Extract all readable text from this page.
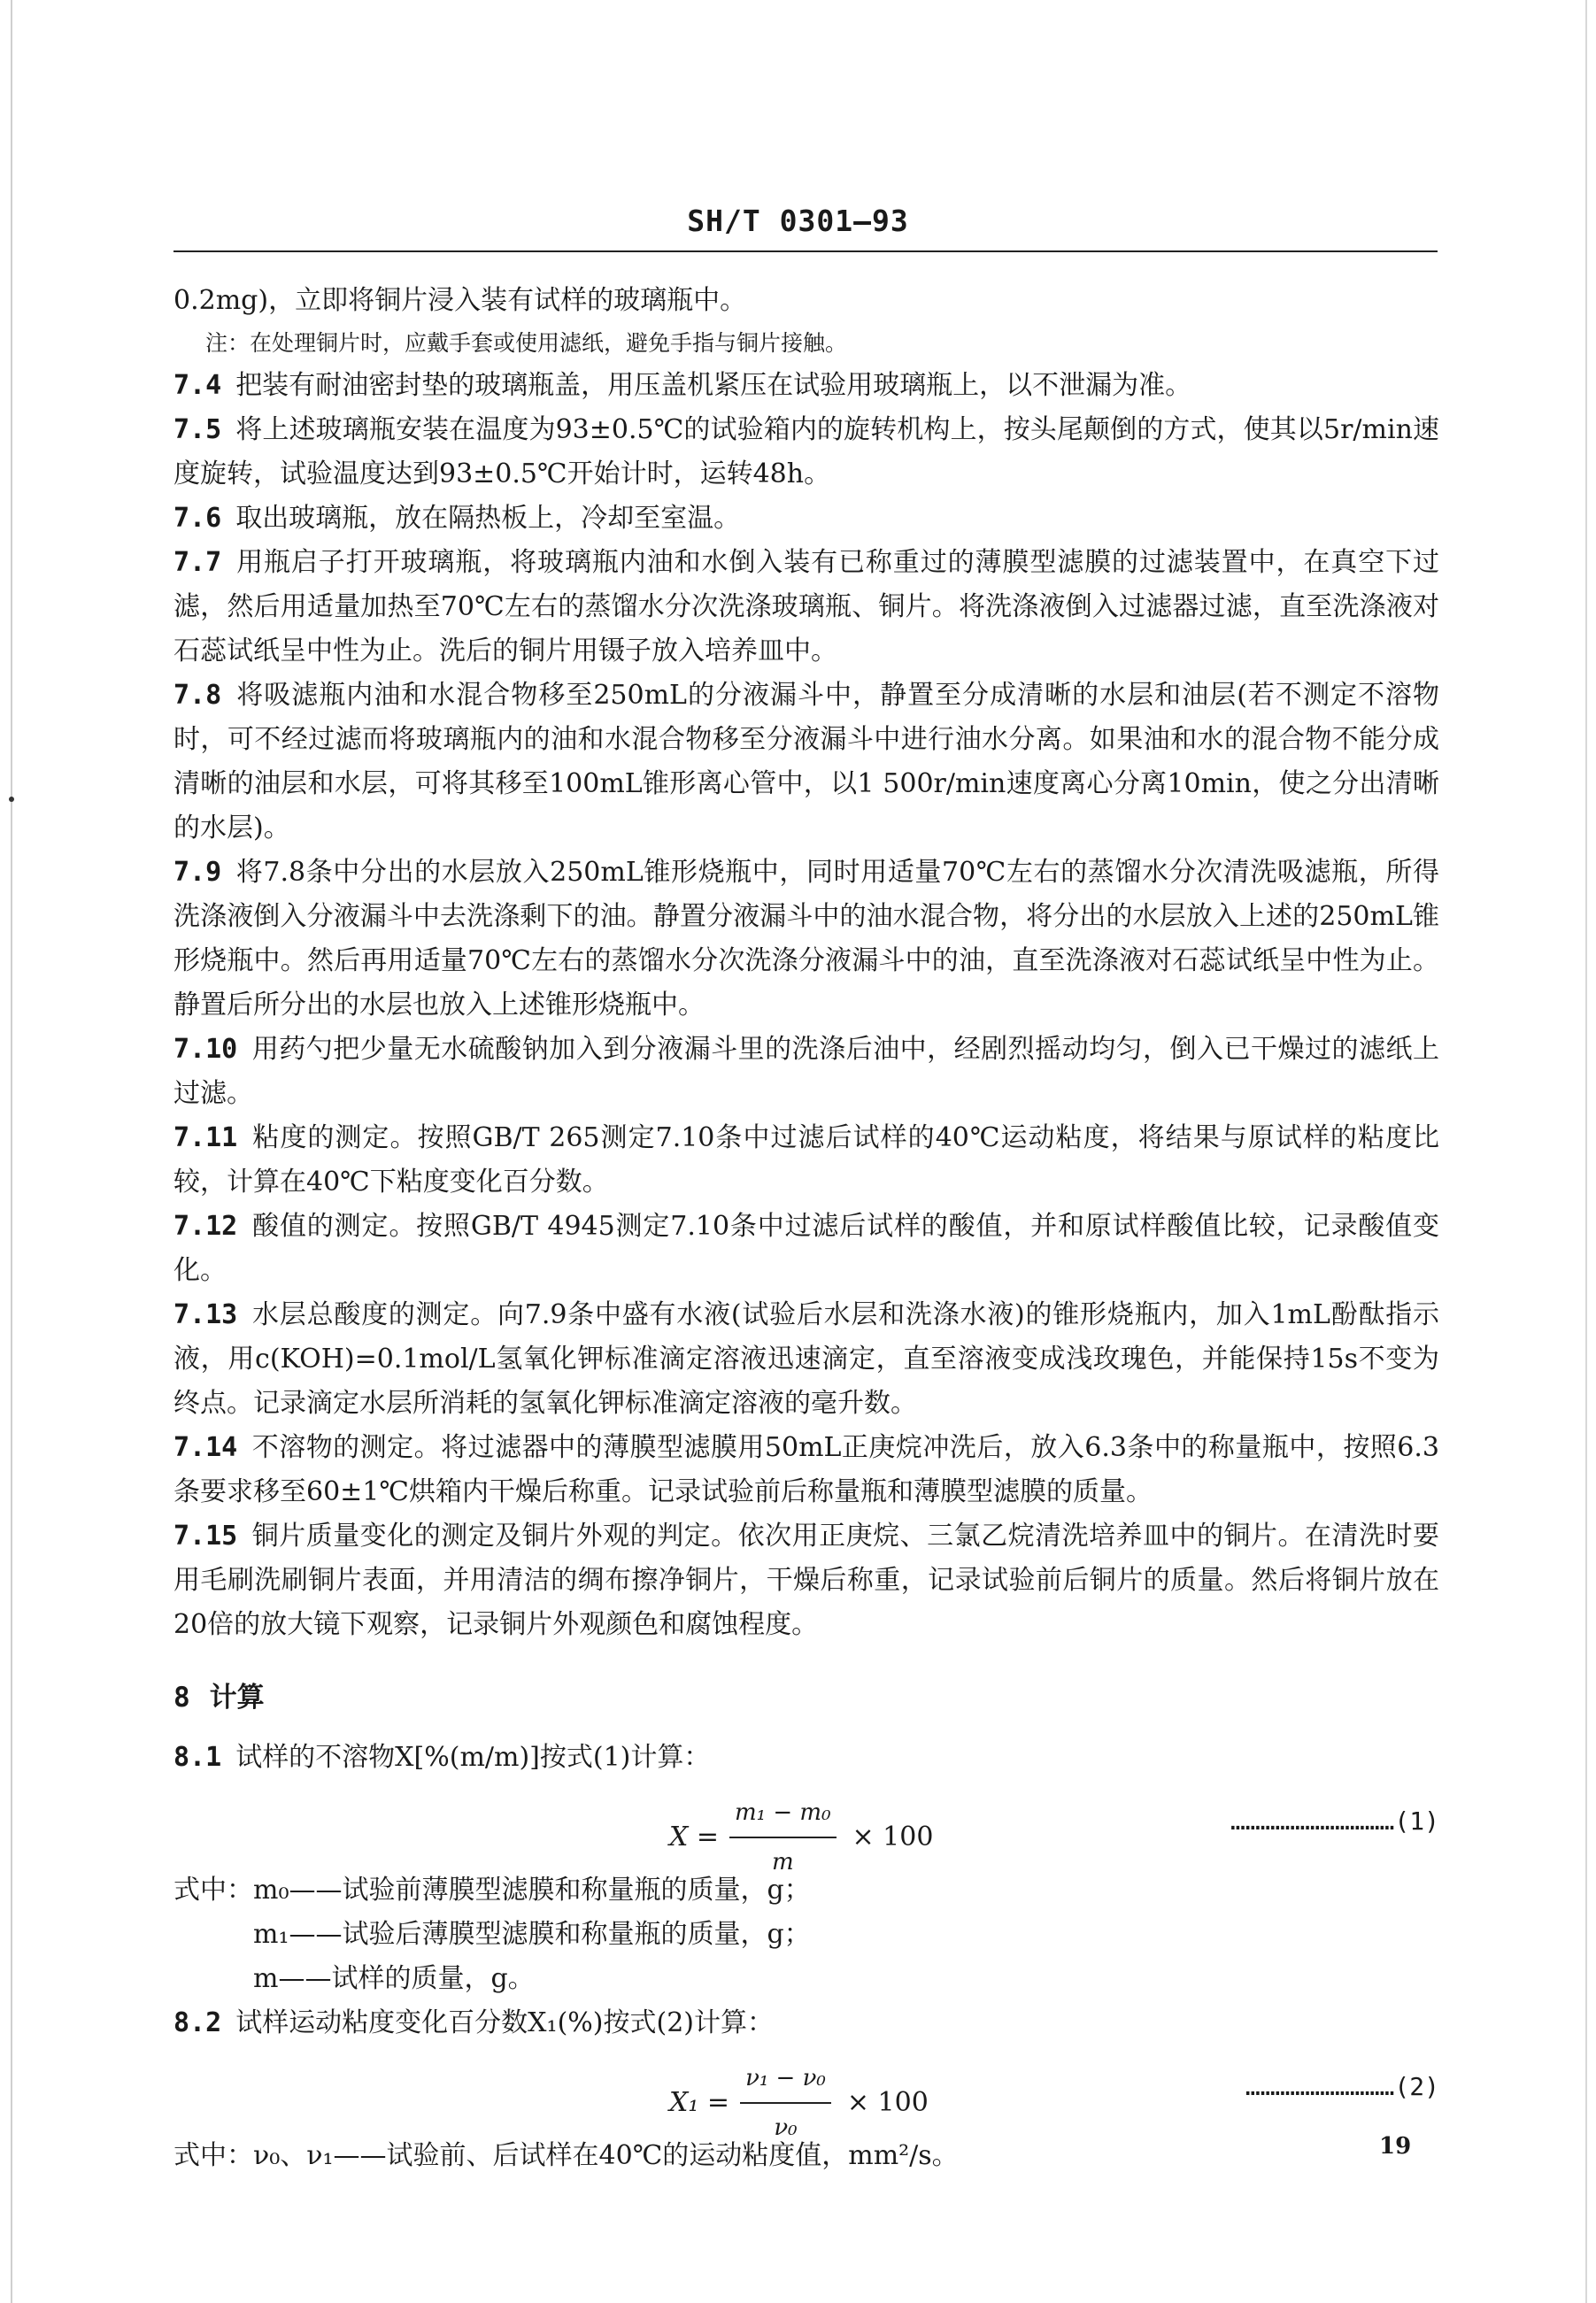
SH/T 0301—93

0.2mg)，立即将铜片浸入装有试样的玻璃瓶中。

注：在处理铜片时，应戴手套或使用滤纸，避免手指与铜片接触。

7.4 把装有耐油密封垫的玻璃瓶盖，用压盖机紧压在试验用玻璃瓶上，以不泄漏为准。

7.5 将上述玻璃瓶安装在温度为93±0.5℃的试验箱内的旋转机构上，按头尾颠倒的方式，使其以5r/min速度旋转，试验温度达到93±0.5℃开始计时，运转48h。

7.6 取出玻璃瓶，放在隔热板上，冷却至室温。

7.7 用瓶启子打开玻璃瓶，将玻璃瓶内油和水倒入装有已称重过的薄膜型滤膜的过滤装置中，在真空下过滤，然后用适量加热至70℃左右的蒸馏水分次洗涤玻璃瓶、铜片。将洗涤液倒入过滤器过滤，直至洗涤液对石蕊试纸呈中性为止。洗后的铜片用镊子放入培养皿中。

7.8 将吸滤瓶内油和水混合物移至250mL的分液漏斗中，静置至分成清晰的水层和油层(若不测定不溶物时，可不经过滤而将玻璃瓶内的油和水混合物移至分液漏斗中进行油水分离。如果油和水的混合物不能分成清晰的油层和水层，可将其移至100mL锥形离心管中，以1 500r/min速度离心分离10min，使之分出清晰的水层)。

7.9 将7.8条中分出的水层放入250mL锥形烧瓶中，同时用适量70℃左右的蒸馏水分次清洗吸滤瓶，所得洗涤液倒入分液漏斗中去洗涤剩下的油。静置分液漏斗中的油水混合物，将分出的水层放入上述的250mL锥形烧瓶中。然后再用适量70℃左右的蒸馏水分次洗涤分液漏斗中的油，直至洗涤液对石蕊试纸呈中性为止。静置后所分出的水层也放入上述锥形烧瓶中。

7.10 用药勺把少量无水硫酸钠加入到分液漏斗里的洗涤后油中，经剧烈摇动均匀，倒入已干燥过的滤纸上过滤。

7.11 粘度的测定。按照GB/T 265测定7.10条中过滤后试样的40℃运动粘度，将结果与原试样的粘度比较，计算在40℃下粘度变化百分数。

7.12 酸值的测定。按照GB/T 4945测定7.10条中过滤后试样的酸值，并和原试样酸值比较，记录酸值变化。

7.13 水层总酸度的测定。向7.9条中盛有水液(试验后水层和洗涤水液)的锥形烧瓶内，加入1mL酚酞指示液，用c(KOH)=0.1mol/L氢氧化钾标准滴定溶液迅速滴定，直至溶液变成浅玫瑰色，并能保持15s不变为终点。记录滴定水层所消耗的氢氧化钾标准滴定溶液的毫升数。

7.14 不溶物的测定。将过滤器中的薄膜型滤膜用50mL正庚烷冲洗后，放入6.3条中的称量瓶中，按照6.3条要求移至60±1℃烘箱内干燥后称重。记录试验前后称量瓶和薄膜型滤膜的质量。

7.15 铜片质量变化的测定及铜片外观的判定。依次用正庚烷、三氯乙烷清洗培养皿中的铜片。在清洗时要用毛刷洗刷铜片表面，并用清洁的绸布擦净铜片，干燥后称重，记录试验前后铜片的质量。然后将铜片放在20倍的放大镜下观察，记录铜片外观颜色和腐蚀程度。

8 计算

8.1 试样的不溶物X[%(m/m)]按式(1)计算：

$X = \frac{\text{m₁ − m₀}}{m} \times 100$
……………………………(1)

式中：m₀——试验前薄膜型滤膜和称量瓶的质量，g；

m₁——试验后薄膜型滤膜和称量瓶的质量，g；

m——试样的质量，g。

8.2 试样运动粘度变化百分数X₁(%)按式(2)计算：

$X_1 = \frac{\text{ν₁ − ν₀}}{\text{ν₀}} \times 100$
…………………………(2)

式中：ν₀、ν₁——试验前、后试样在40℃的运动粘度值，mm²/s。	19
